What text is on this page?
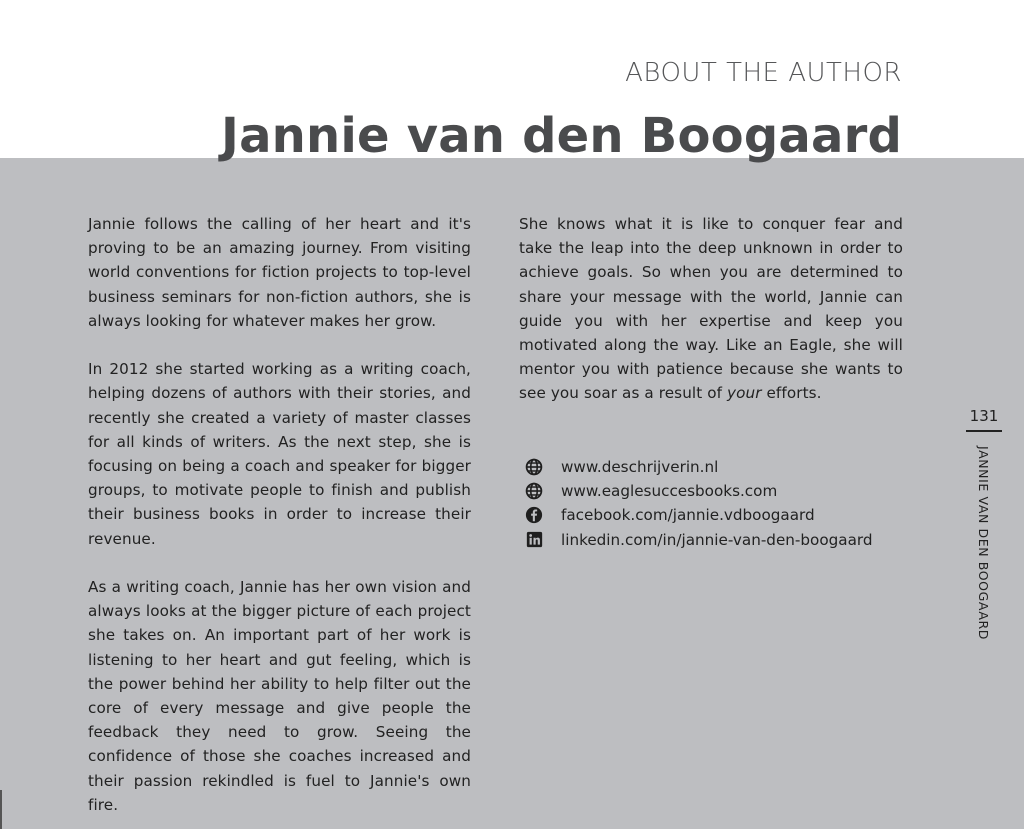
ABOUT THE AUTHOR
Jannie van den Boogaard

Jannie follows the calling of her heart and it's proving to be an amazing journey. From visiting world conventions for fiction projects to top-level business seminars for non-fiction authors, she is always looking for whatever makes her grow.

In 2012 she started working as a writing coach, helping dozens of authors with their stories, and recently she created a variety of master classes for all kinds of writers. As the next step, she is focusing on being a coach and speaker for bigger groups, to motivate people to finish and publish their business books in order to increase their revenue.

As a writing coach, Jannie has her own vision and always looks at the bigger picture of each project she takes on. An important part of her work is listening to her heart and gut feeling, which is the power behind her ability to help filter out the core of every message and give people the feedback they need to grow. Seeing the confidence of those she coaches increased and their passion rekindled is fuel to Jannie's own fire.

She knows what it is like to conquer fear and take the leap into the deep unknown in order to achieve goals. So when you are determined to share your message with the world, Jannie can guide you with her expertise and keep you motivated along the way. Like an Eagle, she will mentor you with patience because she wants to see you soar as a result of your efforts.

www.deschrijverin.nl
www.eaglesuccesbooks.com
facebook.com/jannie.vdboogaard
linkedin.com/in/jannie-van-den-boogaard
131
JANNIE VAN DEN BOOGAARD
